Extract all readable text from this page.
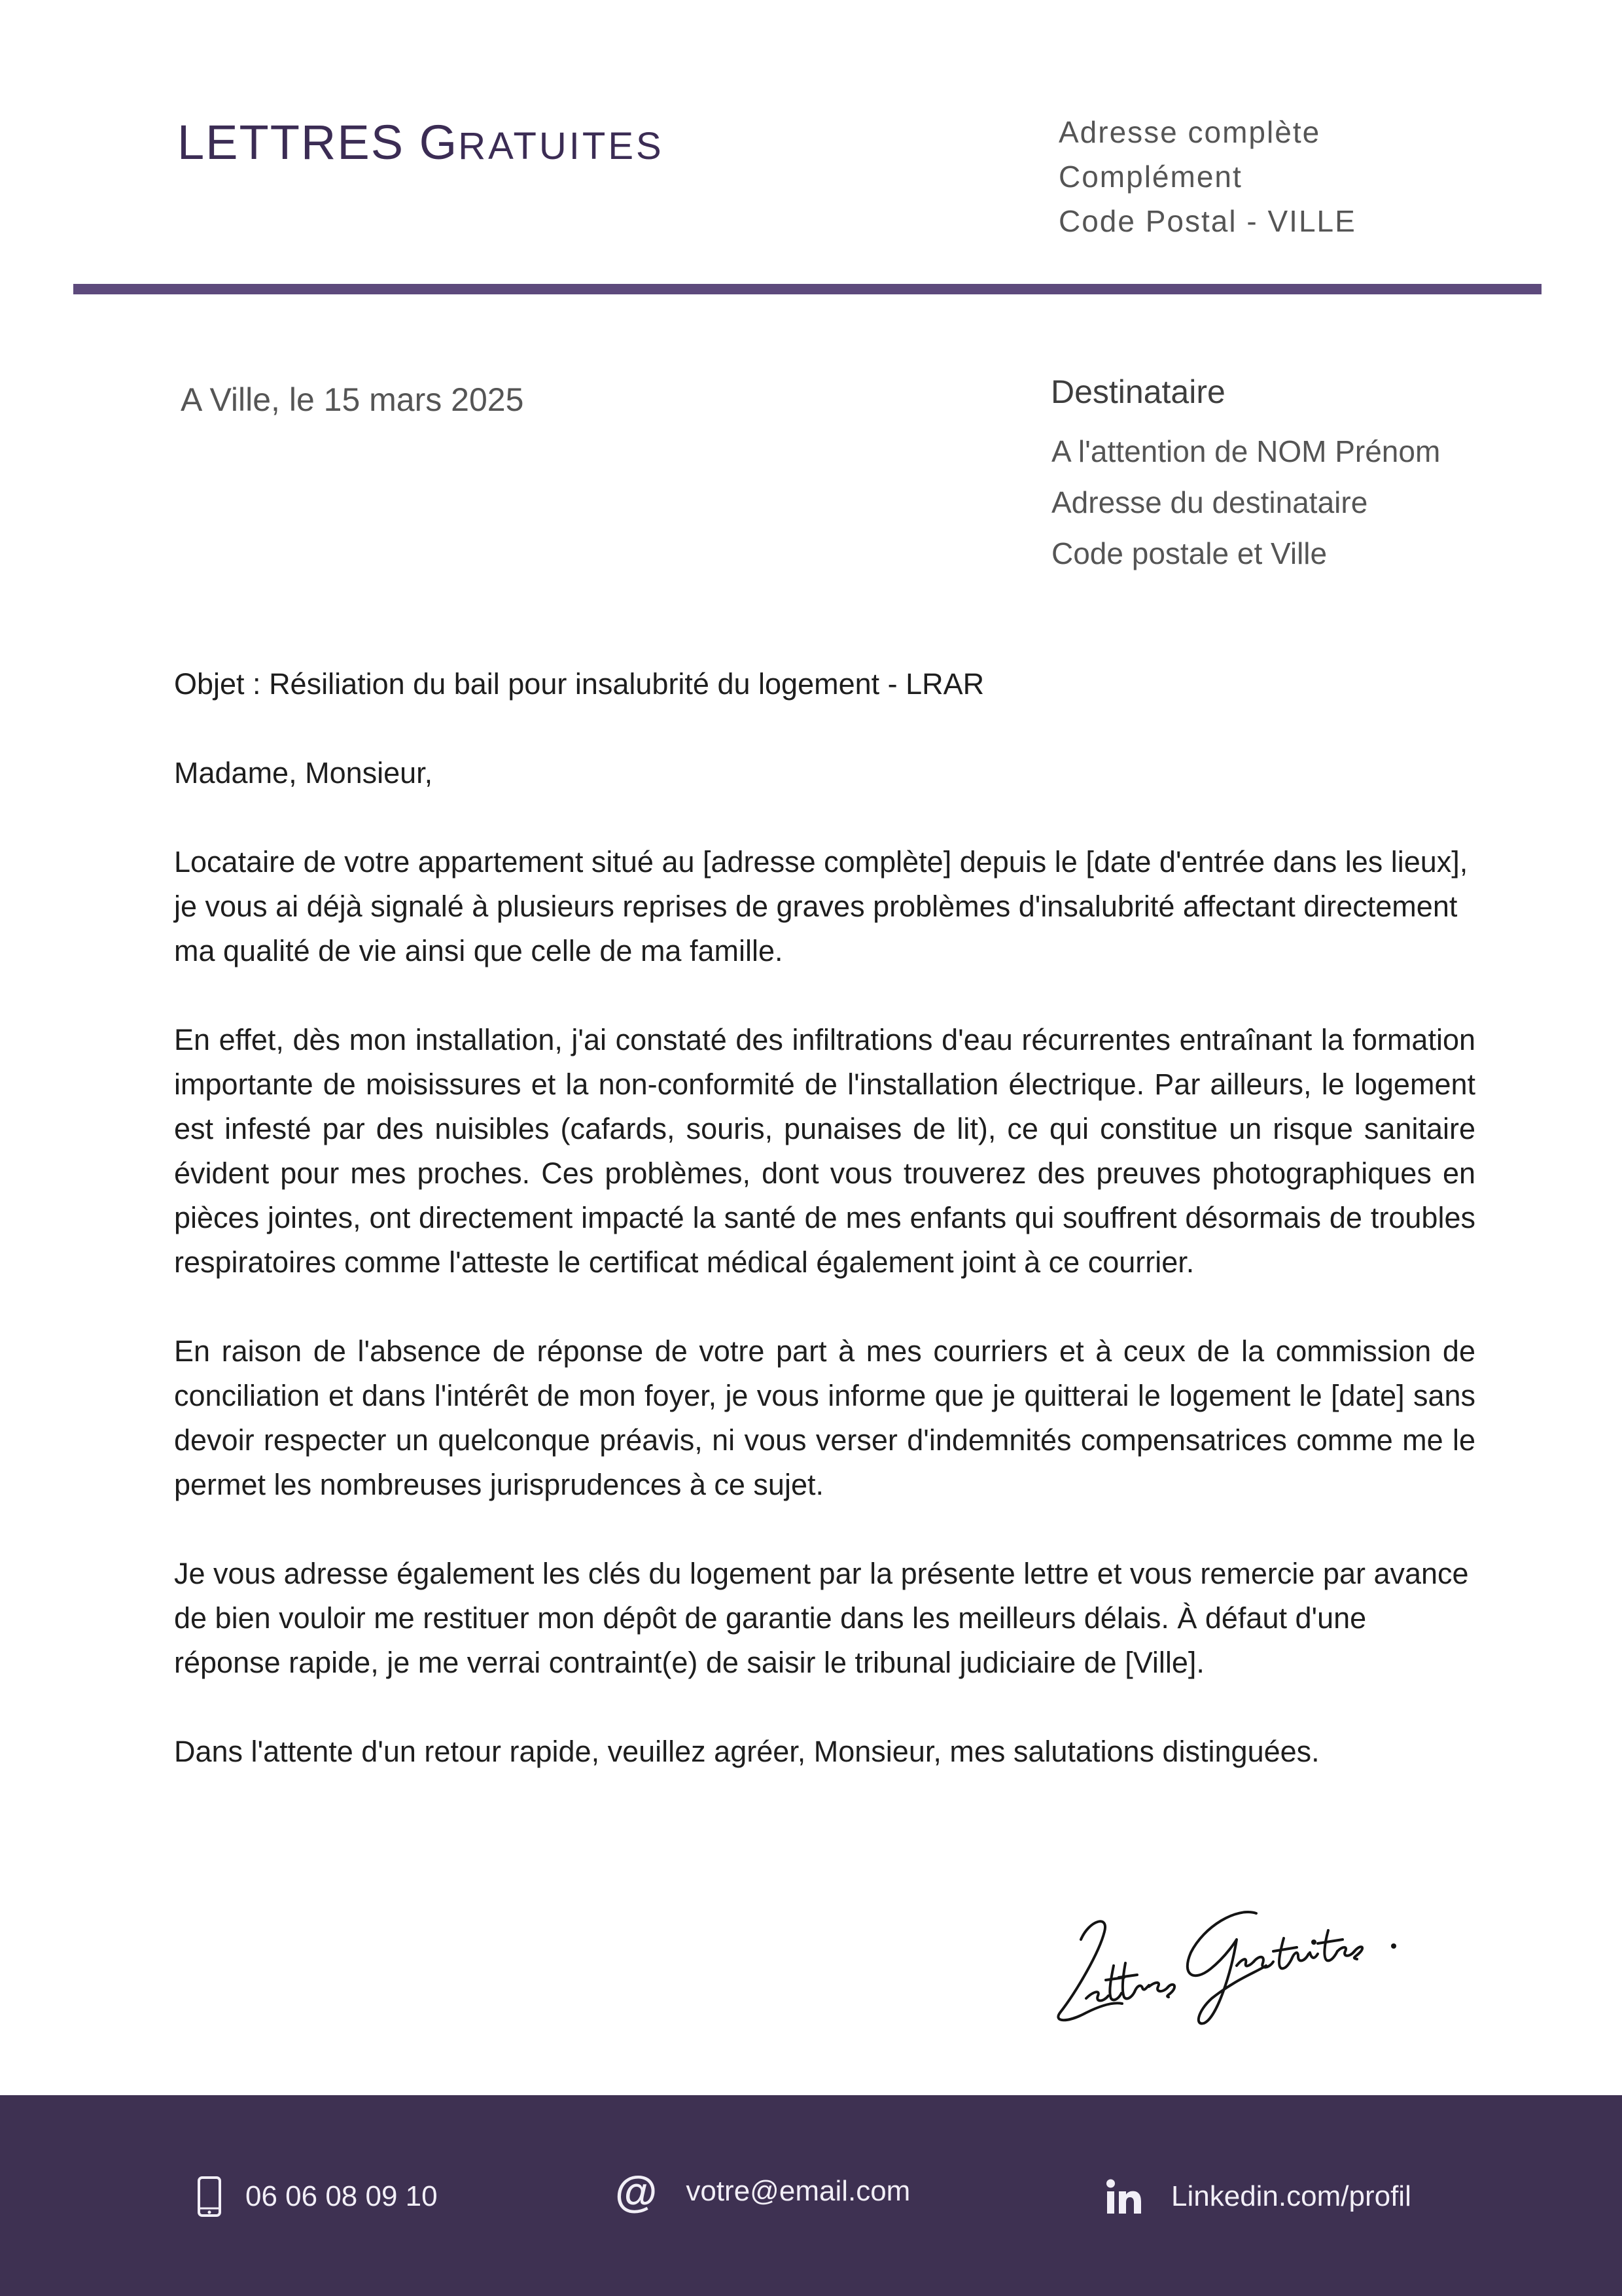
LETTRES GRATUITES	Adresse complète
Complément
Code Postal - VILLE
A Ville, le 15 mars 2025	Destinataire
A l'attention de NOM Prénom
Adresse du destinataire
Code postale et Ville

Objet : Résiliation du bail pour insalubrité du logement - LRAR

Madame, Monsieur,

Locataire de votre appartement situé au [adresse complète] depuis le [date d'entrée dans les lieux], je vous ai déjà signalé à plusieurs reprises de graves problèmes d'insalubrité affectant directement ma qualité de vie ainsi que celle de ma famille.

En effet, dès mon installation, j'ai constaté des infiltrations d'eau récurrentes entraînant la formation importante de moisissures et la non-conformité de l'installation électrique. Par ailleurs, le logement est infesté par des nuisibles (cafards, souris, punaises de lit), ce qui constitue un risque sanitaire évident pour mes proches. Ces problèmes, dont vous trouverez des preuves photographiques en pièces jointes, ont directement impacté la santé de mes enfants qui souffrent désormais de troubles respiratoires comme l'atteste le certificat médical également joint à ce courrier.

En raison de l'absence de réponse de votre part à mes courriers et à ceux de la commission de conciliation et dans l'intérêt de mon foyer, je vous informe que je quitterai le logement le [date] sans devoir respecter un quelconque préavis, ni vous verser d'indemnités compensatrices comme me le permet les nombreuses jurisprudences à ce sujet.

Je vous adresse également les clés du logement par la présente lettre et vous remercie par avance de bien vouloir me restituer mon dépôt de garantie dans les meilleurs délais. À défaut d'une réponse rapide, je me verrai contraint(e) de saisir le tribunal judiciaire de [Ville].

Dans l'attente d'un retour rapide, veuillez agréer, Monsieur, mes salutations distinguées.

06 06 08 09 10	@ votre@email.com	Linkedin.com/profil
